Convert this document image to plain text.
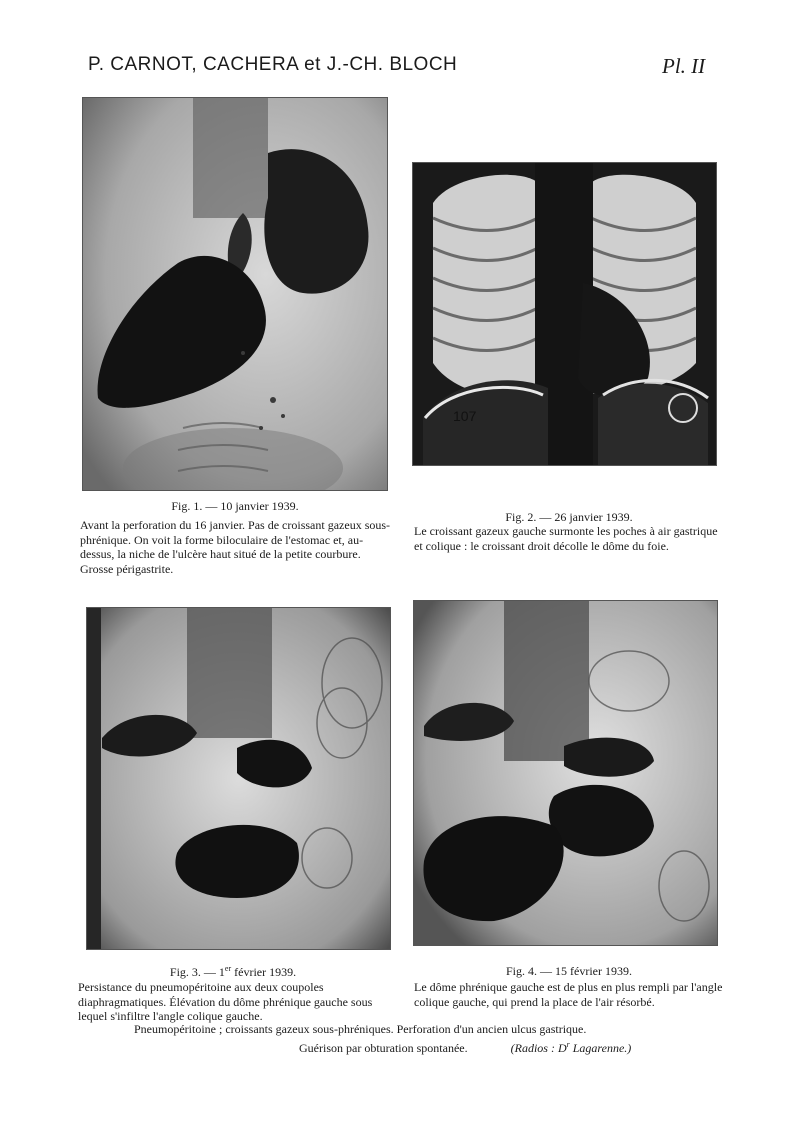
P. CARNOT, CACHERA et J.-CH. BLOCH	Pl. II
107
Fig. 1. — 10 janvier 1939.
Avant la perforation du 16 janvier. Pas de croissant gazeux sous-phrénique. On voit la forme biloculaire de l'estomac et, au-dessus, la niche de l'ulcère haut situé de la petite courbure. Grosse périgastrite.
Fig. 2. — 26 janvier 1939.
Le croissant gazeux gauche surmonte les poches à air gastrique et colique : le croissant droit décolle le dôme du foie.
Fig. 3. — 1er février 1939.
Persistance du pneumopéritoine aux deux coupoles diaphragmatiques. Élévation du dôme phrénique gauche sous lequel s'infiltre l'angle colique gauche.
Fig. 4. — 15 février 1939.
Le dôme phrénique gauche est de plus en plus rempli par l'angle colique gauche, qui prend la place de l'air résorbé.
Pneumopéritoine ; croissants gazeux sous-phréniques. Perforation d'un ancien ulcus gastrique.
Guérison par obturation spontanée.	(Radios : $D^r$ Lagarenne.)
